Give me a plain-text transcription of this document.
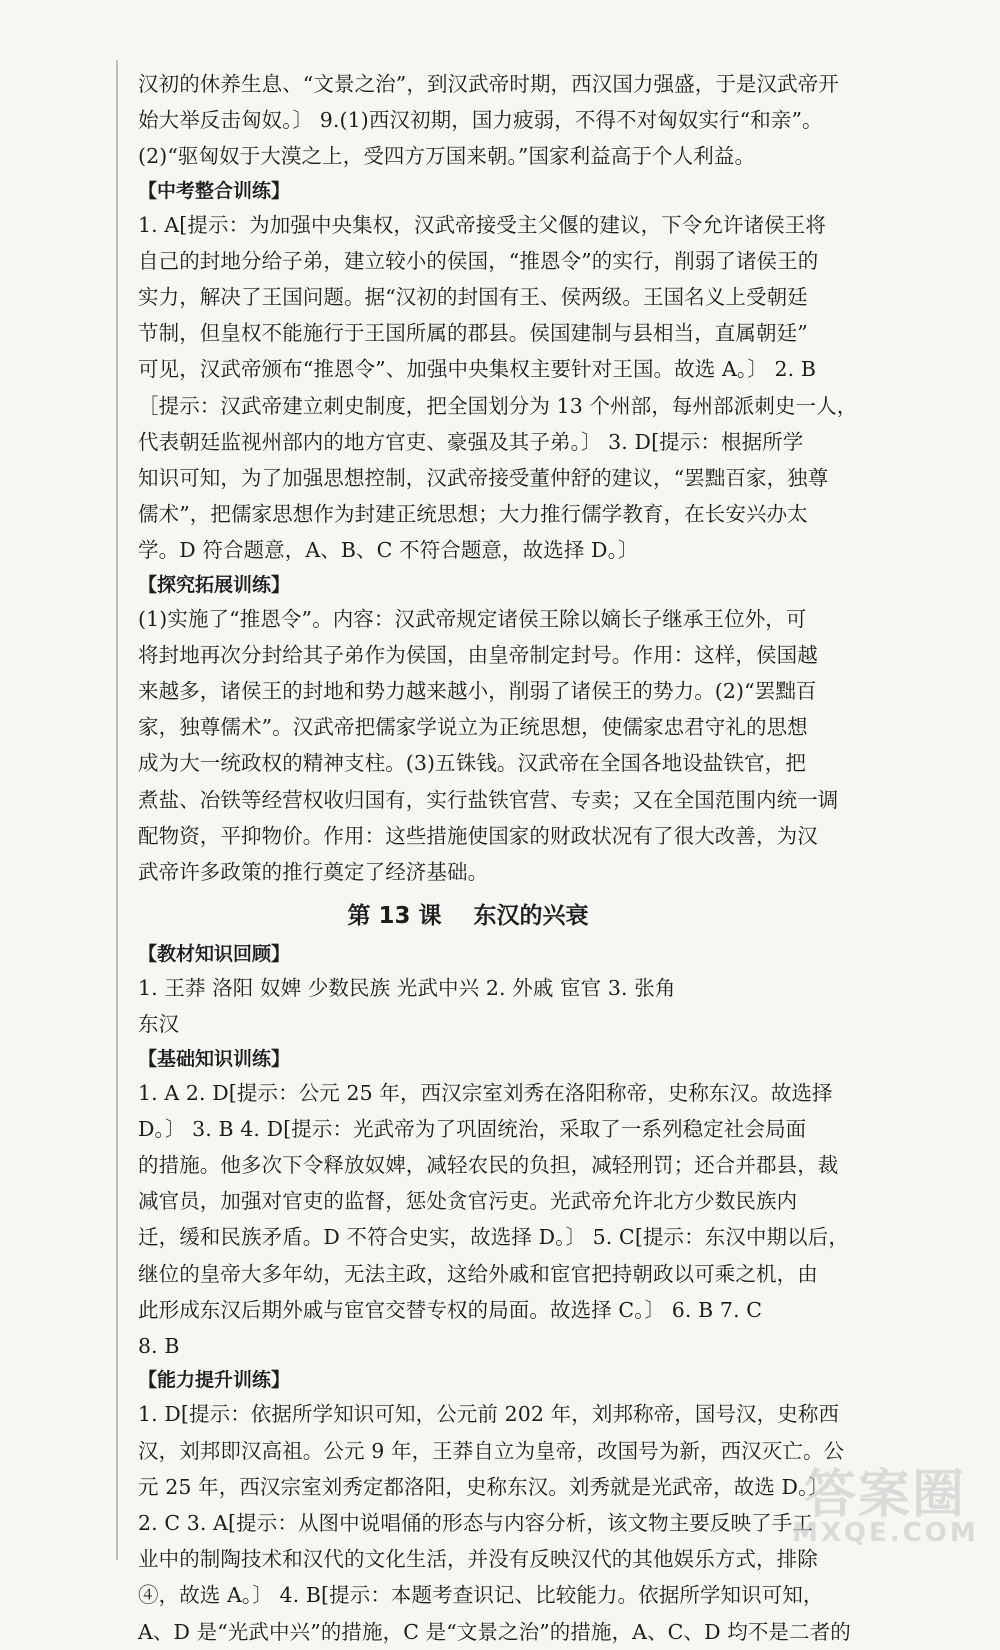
汉初的休养生息、“文景之治”，到汉武帝时期，西汉国力强盛，于是汉武帝开
始大举反击匈奴。〕 9.(1)西汉初期，国力疲弱，不得不对匈奴实行“和亲”。
(2)“驱匈奴于大漠之上，受四方万国来朝。”国家利益高于个人利益。
【中考整合训练】
1. A[提示：为加强中央集权，汉武帝接受主父偃的建议，下令允许诸侯王将
自己的封地分给子弟，建立较小的侯国，“推恩令”的实行，削弱了诸侯王的
实力，解决了王国问题。据“汉初的封国有王、侯两级。王国名义上受朝廷
节制，但皇权不能施行于王国所属的郡县。侯国建制与县相当，直属朝廷”
可见，汉武帝颁布“推恩令”、加强中央集权主要针对王国。故选 A。〕 2. B
［提示：汉武帝建立刺史制度，把全国划分为 13 个州部，每州部派刺史一人，
代表朝廷监视州部内的地方官吏、豪强及其子弟。〕 3. D[提示：根据所学
知识可知，为了加强思想控制，汉武帝接受董仲舒的建议，“罢黜百家，独尊
儒术”，把儒家思想作为封建正统思想；大力推行儒学教育，在长安兴办太
学。D 符合题意，A、B、C 不符合题意，故选择 D。〕
【探究拓展训练】
(1)实施了“推恩令”。内容：汉武帝规定诸侯王除以嫡长子继承王位外，可
将封地再次分封给其子弟作为侯国，由皇帝制定封号。作用：这样，侯国越
来越多，诸侯王的封地和势力越来越小，削弱了诸侯王的势力。(2)“罢黜百
家，独尊儒术”。汉武帝把儒家学说立为正统思想，使儒家忠君守礼的思想
成为大一统政权的精神支柱。(3)五铢钱。汉武帝在全国各地设盐铁官，把
煮盐、冶铁等经营权收归国有，实行盐铁官营、专卖；又在全国范围内统一调
配物资，平抑物价。作用：这些措施使国家的财政状况有了很大改善，为汉
武帝许多政策的推行奠定了经济基础。
第 13 课    东汉的兴衰
【教材知识回顾】
1. 王莽 洛阳 奴婢 少数民族 光武中兴 2. 外戚 宦官 3. 张角
东汉
【基础知识训练】
1. A 2. D[提示：公元 25 年，西汉宗室刘秀在洛阳称帝，史称东汉。故选择
D。〕 3. B 4. D[提示：光武帝为了巩固统治，采取了一系列稳定社会局面
的措施。他多次下令释放奴婢，减轻农民的负担，减轻刑罚；还合并郡县，裁
减官员，加强对官吏的监督，惩处贪官污吏。光武帝允许北方少数民族内
迁，缓和民族矛盾。D 不符合史实，故选择 D。〕 5. C[提示：东汉中期以后，
继位的皇帝大多年幼，无法主政，这给外戚和宦官把持朝政以可乘之机，由
此形成东汉后期外戚与宦官交替专权的局面。故选择 C。〕 6. B 7. C
8. B
【能力提升训练】
1. D[提示：依据所学知识可知，公元前 202 年，刘邦称帝，国号汉，史称西
汉，刘邦即汉高祖。公元 9 年，王莽自立为皇帝，改国号为新，西汉灭亡。公
元 25 年，西汉宗室刘秀定都洛阳，史称东汉。刘秀就是光武帝，故选 D。〕
2. C 3. A[提示：从图中说唱俑的形态与内容分析，该文物主要反映了手工
业中的制陶技术和汉代的文化生活，并没有反映汉代的其他娱乐方式，排除
④，故选 A。〕 4. B[提示：本题考查识记、比较能力。依据所学知识可知，
A、D 是“光武中兴”的措施，C 是“文景之治”的措施，A、C、D 均不是二者的
答案圈
MXQE.COM
